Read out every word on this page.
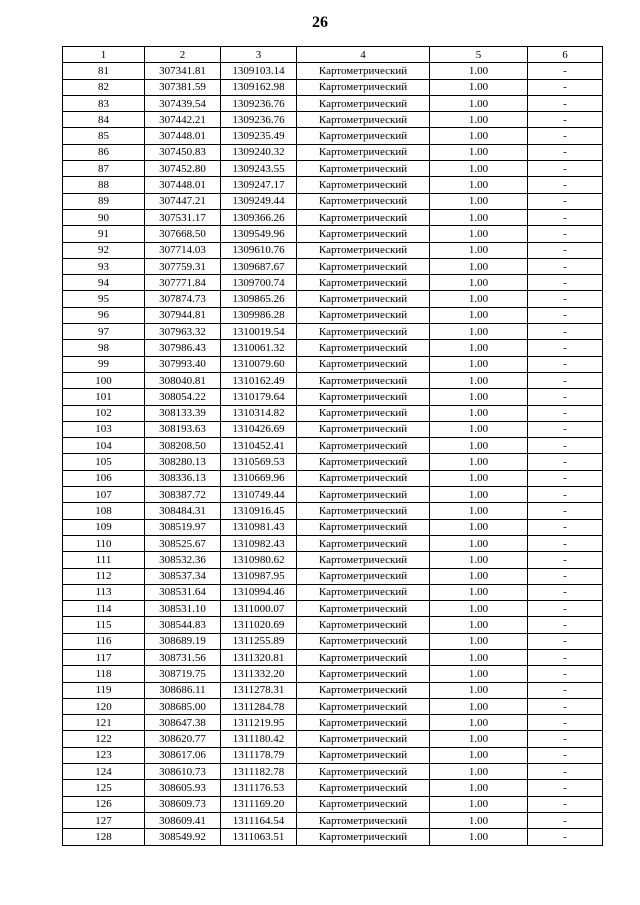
26
1	2	3	4	5	6
81	307341.81	1309103.14	Картометрический	1.00	-
82	307381.59	1309162.98	Картометрический	1.00	-
83	307439.54	1309236.76	Картометрический	1.00	-
84	307442.21	1309236.76	Картометрический	1.00	-
85	307448.01	1309235.49	Картометрический	1.00	-
86	307450.83	1309240.32	Картометрический	1.00	-
87	307452.80	1309243.55	Картометрический	1.00	-
88	307448.01	1309247.17	Картометрический	1.00	-
89	307447.21	1309249.44	Картометрический	1.00	-
90	307531.17	1309366.26	Картометрический	1.00	-
91	307668.50	1309549.96	Картометрический	1.00	-
92	307714.03	1309610.76	Картометрический	1.00	-
93	307759.31	1309687.67	Картометрический	1.00	-
94	307771.84	1309700.74	Картометрический	1.00	-
95	307874.73	1309865.26	Картометрический	1.00	-
96	307944.81	1309986.28	Картометрический	1.00	-
97	307963.32	1310019.54	Картометрический	1.00	-
98	307986.43	1310061.32	Картометрический	1.00	-
99	307993.40	1310079.60	Картометрический	1.00	-
100	308040.81	1310162.49	Картометрический	1.00	-
101	308054.22	1310179.64	Картометрический	1.00	-
102	308133.39	1310314.82	Картометрический	1.00	-
103	308193.63	1310426.69	Картометрический	1.00	-
104	308208.50	1310452.41	Картометрический	1.00	-
105	308280.13	1310569.53	Картометрический	1.00	-
106	308336.13	1310669.96	Картометрический	1.00	-
107	308387.72	1310749.44	Картометрический	1.00	-
108	308484.31	1310916.45	Картометрический	1.00	-
109	308519.97	1310981.43	Картометрический	1.00	-
110	308525.67	1310982.43	Картометрический	1.00	-
111	308532.36	1310980.62	Картометрический	1.00	-
112	308537.34	1310987.95	Картометрический	1.00	-
113	308531.64	1310994.46	Картометрический	1.00	-
114	308531.10	1311000.07	Картометрический	1.00	-
115	308544.83	1311020.69	Картометрический	1.00	-
116	308689.19	1311255.89	Картометрический	1.00	-
117	308731.56	1311320.81	Картометрический	1.00	-
118	308719.75	1311332.20	Картометрический	1.00	-
119	308686.11	1311278.31	Картометрический	1.00	-
120	308685.00	1311284.78	Картометрический	1.00	-
121	308647.38	1311219.95	Картометрический	1.00	-
122	308620.77	1311180.42	Картометрический	1.00	-
123	308617.06	1311178.79	Картометрический	1.00	-
124	308610.73	1311182.78	Картометрический	1.00	-
125	308605.93	1311176.53	Картометрический	1.00	-
126	308609.73	1311169.20	Картометрический	1.00	-
127	308609.41	1311164.54	Картометрический	1.00	-
128	308549.92	1311063.51	Картометрический	1.00	-
